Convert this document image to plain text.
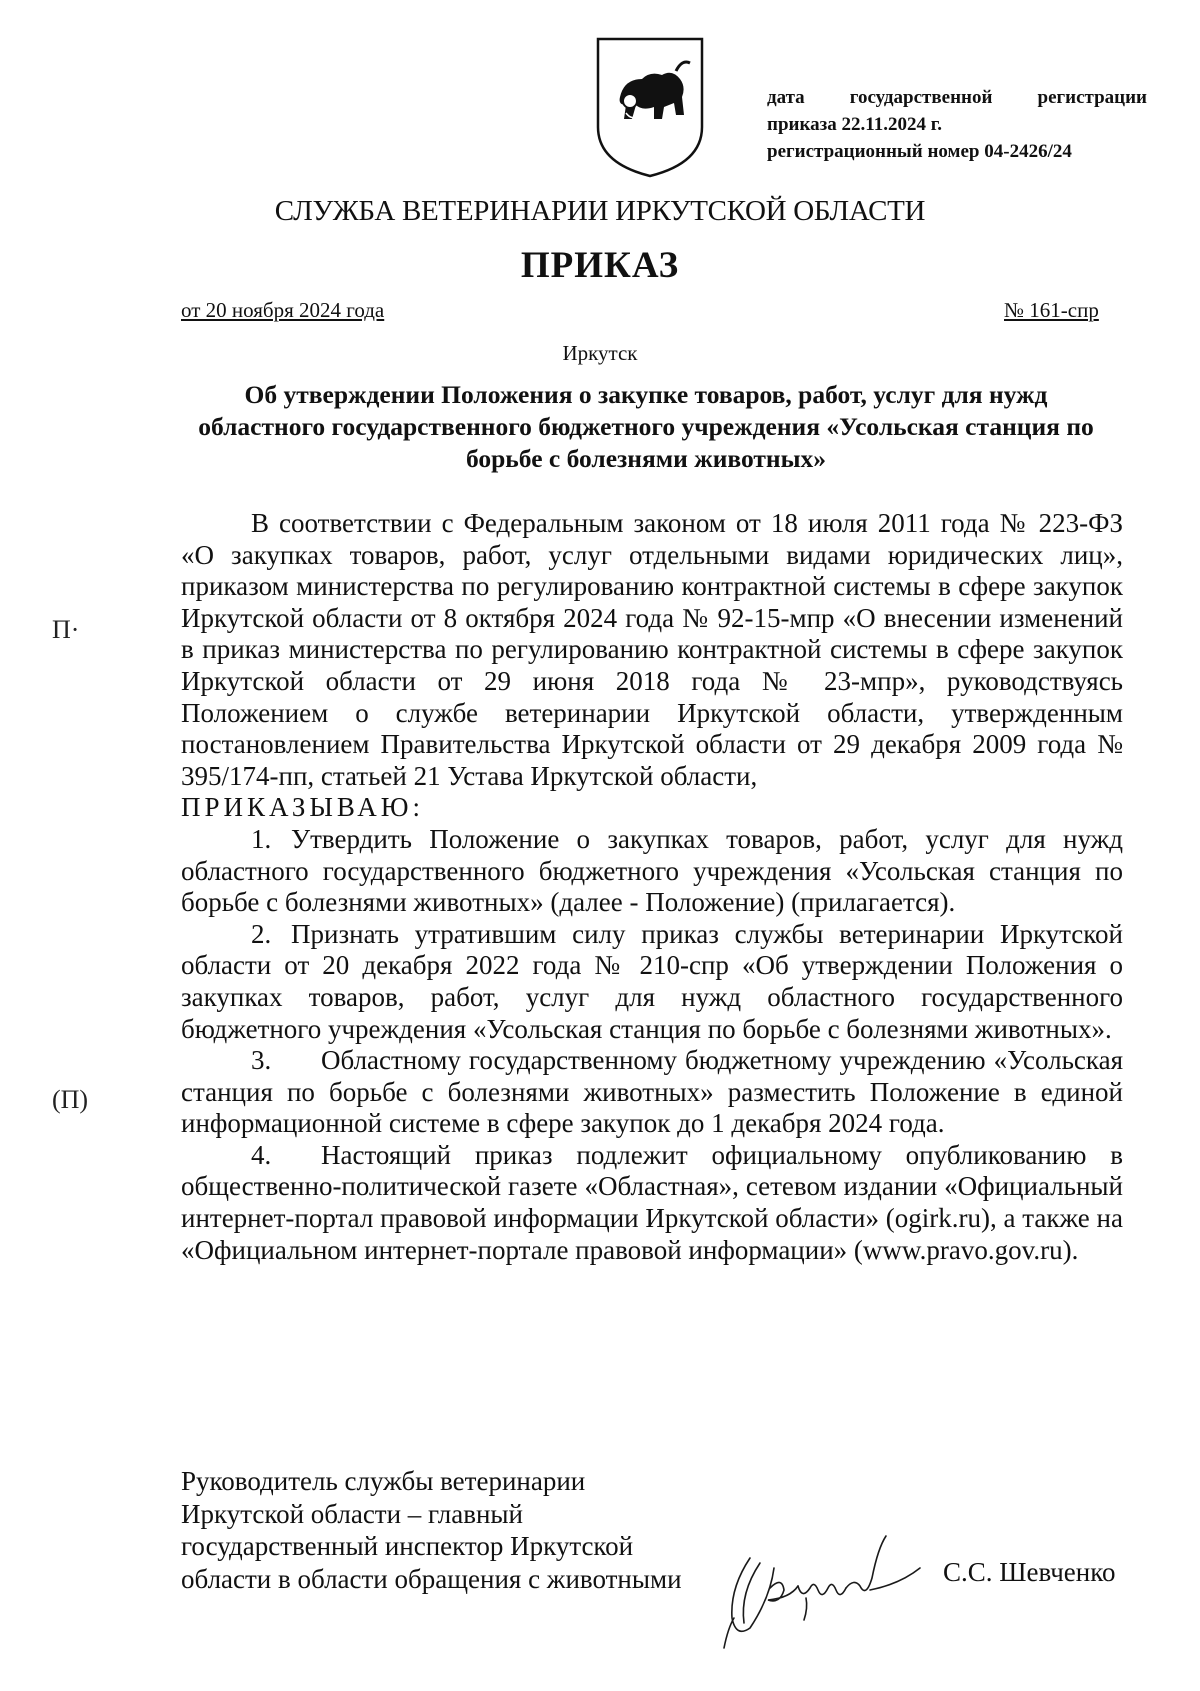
дата государственной регистрации
приказа 22.11.2024 г.
регистрационный номер 04-2426/24
СЛУЖБА ВЕТЕРИНАРИИ ИРКУТСКОЙ ОБЛАСТИ
ПРИКАЗ
от 20 ноября 2024 года	№ 161-спр
Иркутск
Об утверждении Положения о закупке товаров, работ, услуг для нужд областного государственного бюджетного учреждения «Усольская станция по борьбе с болезнями животных»
П·
(П)

В соответствии с Федеральным законом от 18 июля 2011 года № 223-ФЗ «О закупках товаров, работ, услуг отдельными видами юридических лиц», приказом министерства по регулированию контрактной системы в сфере закупок Иркутской области от 8 октября 2024 года № 92-15-мпр «О внесении изменений в приказ министерства по регулированию контрактной системы в сфере закупок Иркутской области от 29 июня 2018 года № 23-мпр», руководствуясь Положением о службе ветеринарии Иркутской области, утвержденным постановлением Правительства Иркутской области от 29 декабря 2009 года № 395/174-пп, статьей 21 Устава Иркутской области,

ПРИКАЗЫВАЮ:

1. Утвердить Положение о закупках товаров, работ, услуг для нужд областного государственного бюджетного учреждения «Усольская станция по борьбе с болезнями животных» (далее - Положение) (прилагается).

2. Признать утратившим силу приказ службы ветеринарии Иркутской области от 20 декабря 2022 года № 210-спр «Об утверждении Положения о закупках товаров, работ, услуг для нужд областного государственного бюджетного учреждения «Усольская станция по борьбе с болезнями животных».

3. Областному государственному бюджетному учреждению «Усольская станция по борьбе с болезнями животных» разместить Положение в единой информационной системе в сфере закупок до 1 декабря 2024 года.

4. Настоящий приказ подлежит официальному опубликованию в общественно-политической газете «Областная», сетевом издании «Официальный интернет-портал правовой информации Иркутской области» (ogirk.ru), а также на «Официальном интернет-портале правовой информации» (www.pravo.gov.ru).

Руководитель службы ветеринарии
Иркутской области – главный
государственный инспектор Иркутской
области в области обращения с животными	С.С. Шевченко
